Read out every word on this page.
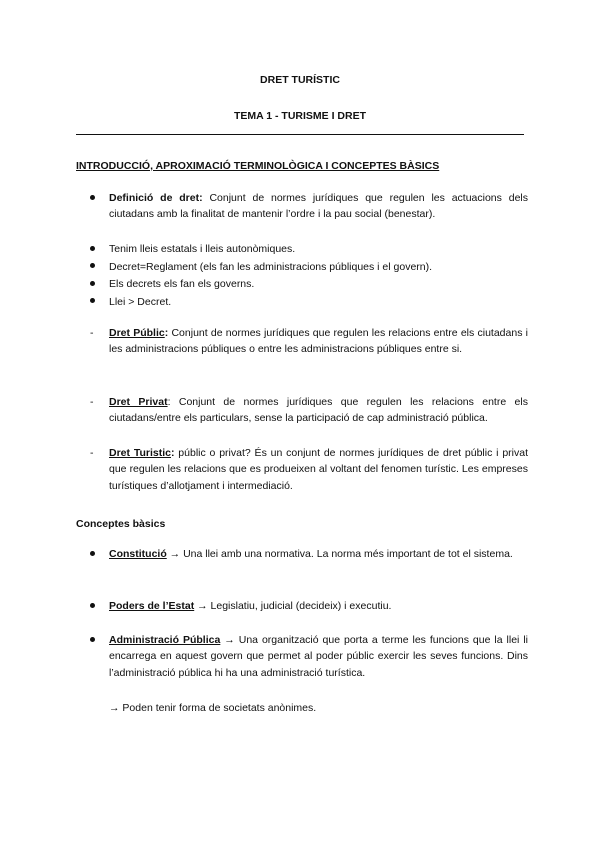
DRET TURÍSTIC
TEMA 1 - TURISME I DRET
INTRODUCCIÓ, APROXIMACIÓ TERMINOLÒGICA I CONCEPTES BÀSICS
Definició de dret: Conjunt de normes jurídiques que regulen les actuacions dels ciutadans amb la finalitat de mantenir l’ordre i la pau social (benestar).
Tenim lleis estatals i lleis autonòmiques.
Decret=Reglament (els fan les administracions públiques i el govern).
Els decrets els fan els governs.
Llei > Decret.
-	Dret Públic: Conjunt de normes jurídiques que regulen les relacions entre els ciutadans i les administracions públiques o entre les administracions públiques entre si.
-	Dret Privat: Conjunt de normes jurídiques que regulen les relacions entre els ciutadans/entre els particulars, sense la participació de cap administració pública.
-	Dret Turistic: públic o privat? És un conjunt de normes jurídiques de dret públic i privat que regulen les relacions que es produeixen al voltant del fenomen turístic. Les empreses turístiques d’allotjament i intermediació.
Conceptes bàsics
Constitució → Una llei amb una normativa. La norma més important de tot el sistema.
Poders de l’Estat → Legislatiu, judicial (decideix) i executiu.
Administració Pública → Una organització que porta a terme les funcions que la llei li encarrega en aquest govern que permet al poder públic exercir les seves funcions. Dins l’administració pública hi ha una administració turística.
→ Poden tenir forma de societats anònimes.
